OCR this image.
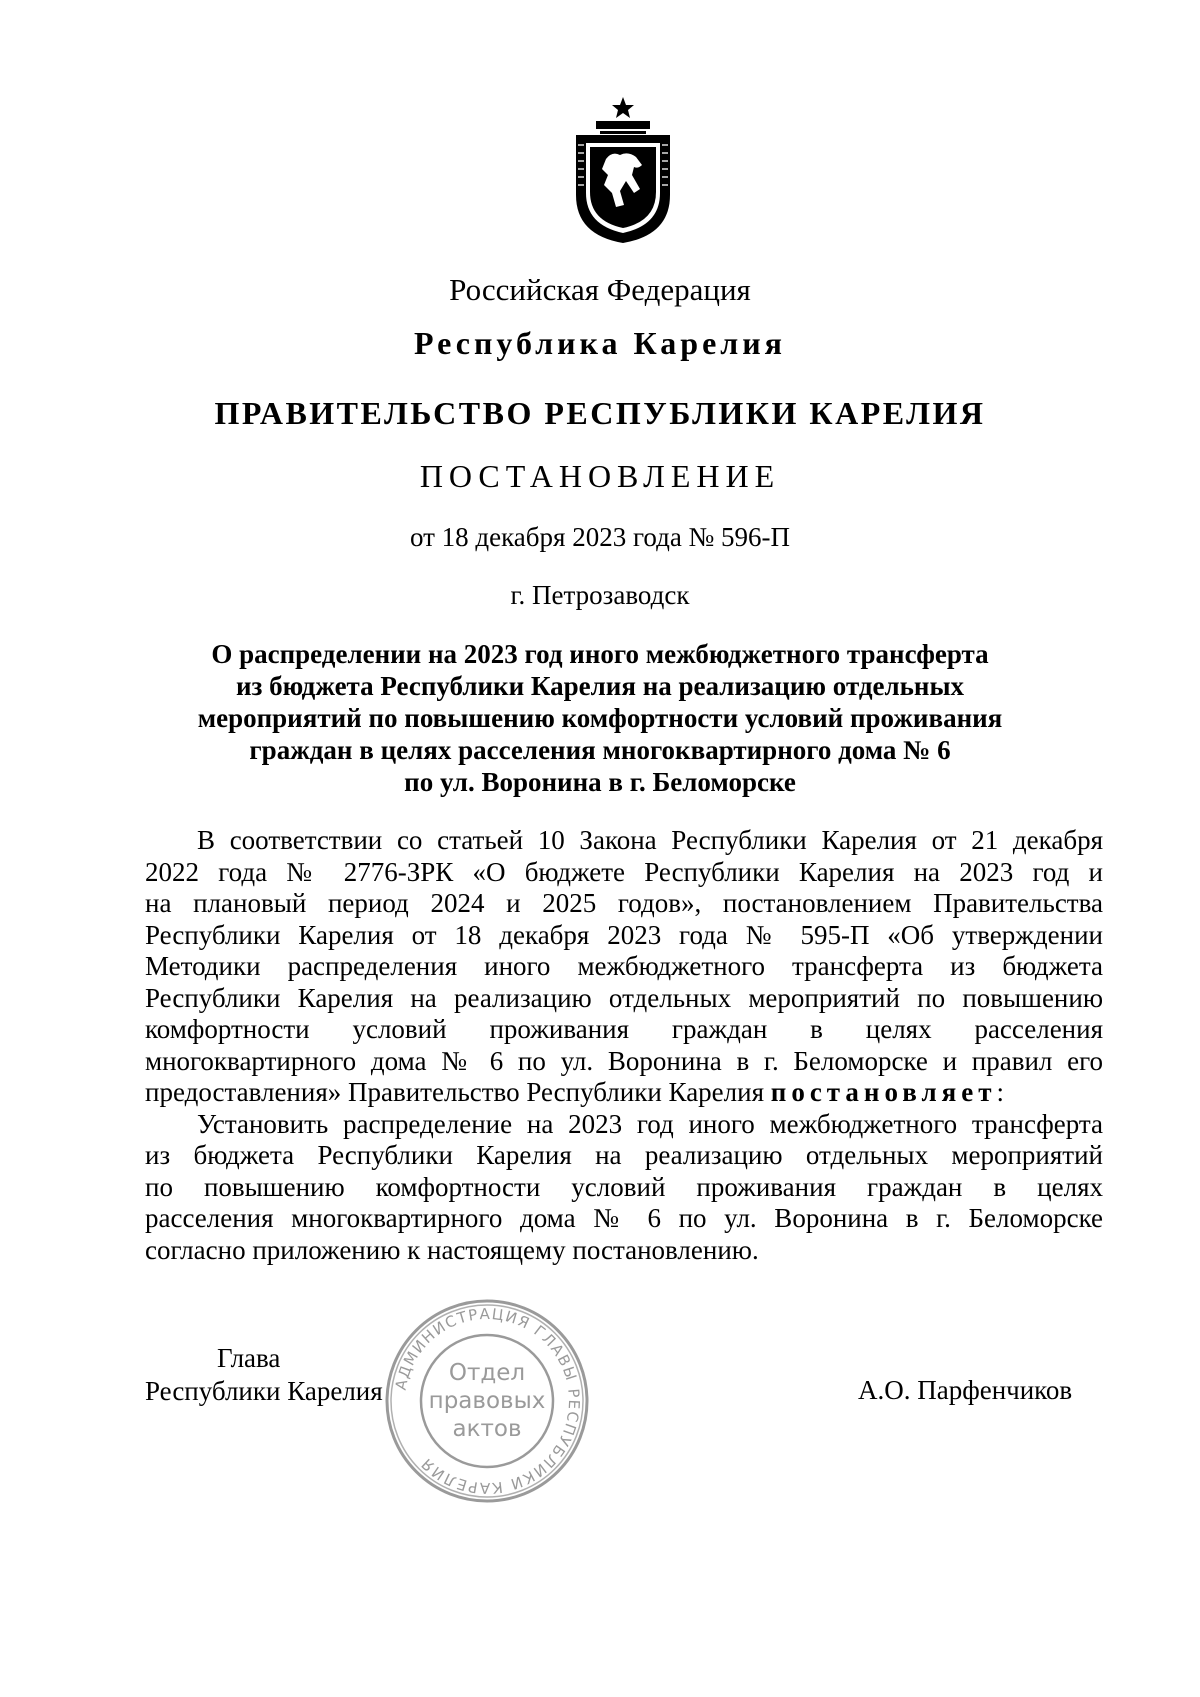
Российская Федерация
Республика Карелия
ПРАВИТЕЛЬСТВО РЕСПУБЛИКИ КАРЕЛИЯ
ПОСТАНОВЛЕНИЕ
от 18 декабря 2023 года № 596-П
г. Петрозаводск
О распределении на 2023 год иного межбюджетного трансферта
из бюджета Республики Карелия на реализацию отдельных
мероприятий по повышению комфортности условий проживания
граждан в целях расселения многоквартирного дома № 6
по ул. Воронина в г. Беломорске
В соответствии со статьей 10 Закона Республики Карелия от 21 декабря
2022 года № 2776-ЗРК «О бюджете Республики Карелия на 2023 год и
на плановый период 2024 и 2025 годов», постановлением Правительства
Республики Карелия от 18 декабря 2023 года № 595-П «Об утверждении
Методики распределения иного межбюджетного трансферта из бюджета
Республики Карелия на реализацию отдельных мероприятий по повышению
комфортности условий проживания граждан в целях расселения
многоквартирного дома № 6 по ул. Воронина в г. Беломорске и правил его
предоставления» Правительство Республики Карелия постановляет:
Установить распределение на 2023 год иного межбюджетного трансферта
из бюджета Республики Карелия на реализацию отдельных мероприятий
по повышению комфортности условий проживания граждан в целях
расселения многоквартирного дома № 6 по ул. Воронина в г. Беломорске
согласно приложению к настоящему постановлению.
Глава
Республики Карелия	А.О. Парфенчиков
АДМИНИСТРАЦИЯ ГЛАВЫ РЕСПУБЛИКИ КАРЕЛИЯ
Отдел
правовых
актов
